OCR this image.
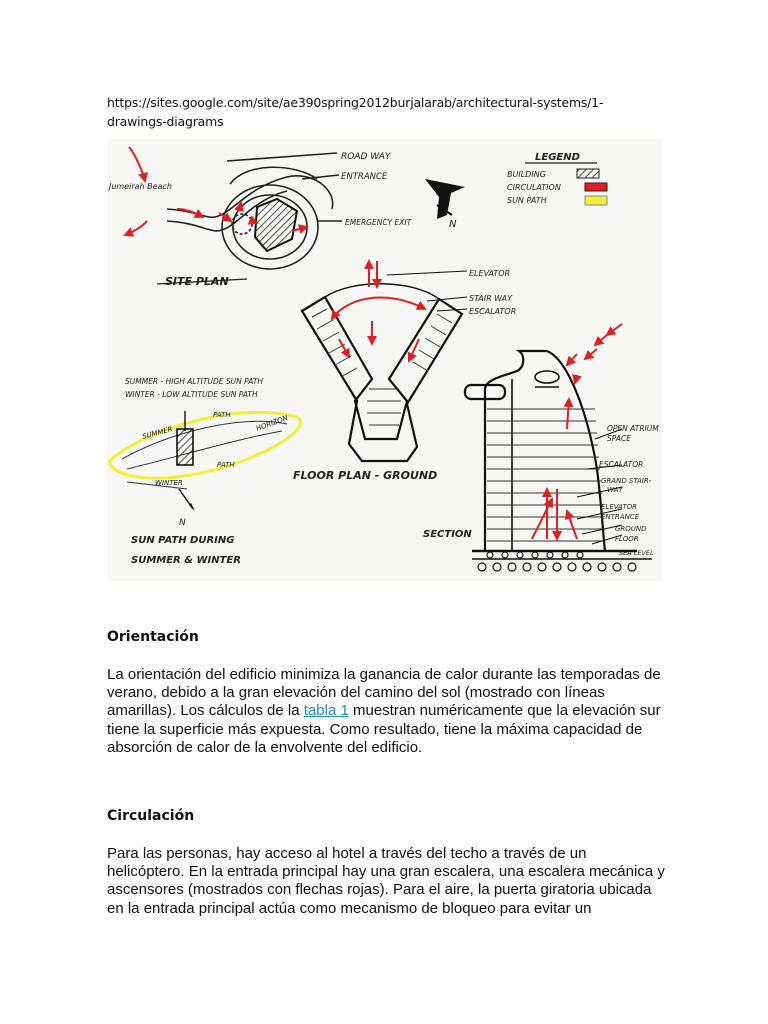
https://sites.google.com/site/ae390spring2012burjalarab/architectural-systems/1-drawings-diagrams
ROAD WAY
ENTRANCE
EMERGENCY EXIT
Jumeirah Beach
SITE PLAN
N
LEGEND
BUILDING
CIRCULATION
SUN PATH
ELEVATOR
STAIR WAY
ESCALATOR
FLOOR PLAN - GROUND
SUMMER - HIGH ALTITUDE SUN PATH
WINTER - LOW ALTITUDE SUN PATH
PATH	HORIZON
SUMMER
PATH
WINTER
N
SUN PATH DURING
SUMMER & WINTER
OPEN ATRIUM
SPACE
ESCALATOR
GRAND STAIR-
WAY
ELEVATOR
ENTRANCE
GROUND
FLOOR
SEA LEVEL
SECTION
Orientación

La orientación del edificio minimiza la ganancia de calor durante las temporadas de verano, debido a la gran elevación del camino del sol (mostrado con líneas amarillas). Los cálculos de la tabla 1 muestran numéricamente que la elevación sur tiene la superficie más expuesta. Como resultado, tiene la máxima capacidad de absorción de calor de la envolvente del edificio.

Circulación

Para las personas, hay acceso al hotel a través del techo a través de un helicóptero. En la entrada principal hay una gran escalera, una escalera mecánica y ascensores (mostrados con flechas rojas). Para el aire, la puerta giratoria ubicada en la entrada principal actúa como mecanismo de bloqueo para evitar un
